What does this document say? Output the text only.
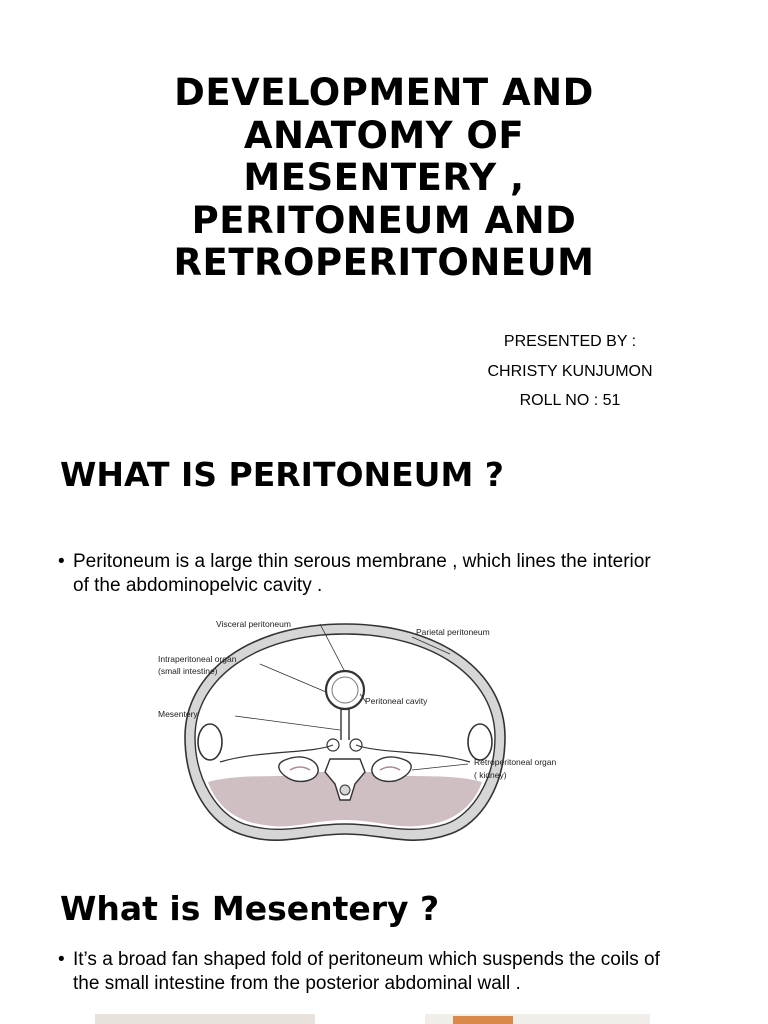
DEVELOPMENT AND
ANATOMY OF
MESENTERY ,
PERITONEUM AND
RETROPERITONEUM
PRESENTED BY :
CHRISTY KUNJUMON
ROLL NO : 51
WHAT IS PERITONEUM ?
• Peritoneum is a large thin serous membrane , which lines the interior
of the abdominopelvic cavity .
Visceral peritoneum
Parietal peritoneum
Intraperitoneal organ
(small intestine)
Peritoneal cavity
Mesentery
Retroperitoneal organ
( kidney)
What is Mesentery ?
• It’s a broad fan shaped fold of peritoneum which suspends the coils of
the small intestine from the posterior abdominal wall .
